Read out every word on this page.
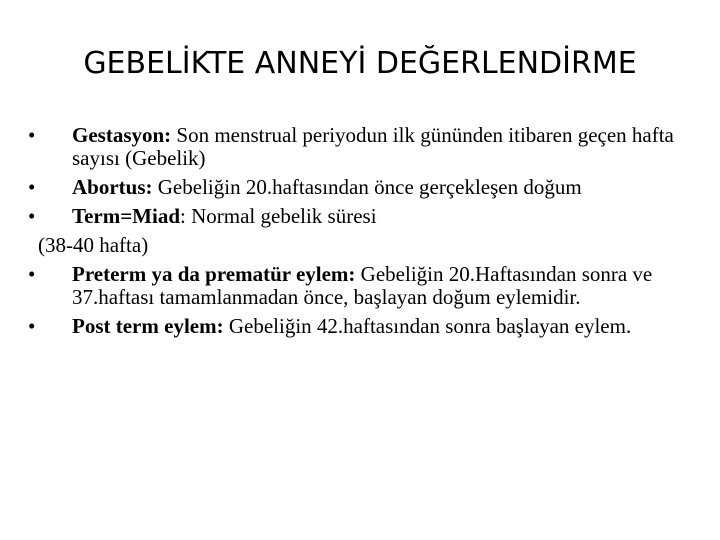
GEBELİKTE ANNEYİ DEĞERLENDİRME
•	Gestasyon: Son menstrual periyodun ilk gününden itibaren geçen hafta sayısı (Gebelik)
•	Abortus: Gebeliğin 20.haftasından önce gerçekleşen doğum
•	Term=Miad: Normal gebelik süresi
(38-40 hafta)
•	Preterm ya da prematür eylem: Gebeliğin 20.Haftasından sonra ve 37.haftası tamamlanmadan önce, başlayan doğum eylemidir.
•	Post term eylem: Gebeliğin 42.haftasından sonra başlayan eylem.
